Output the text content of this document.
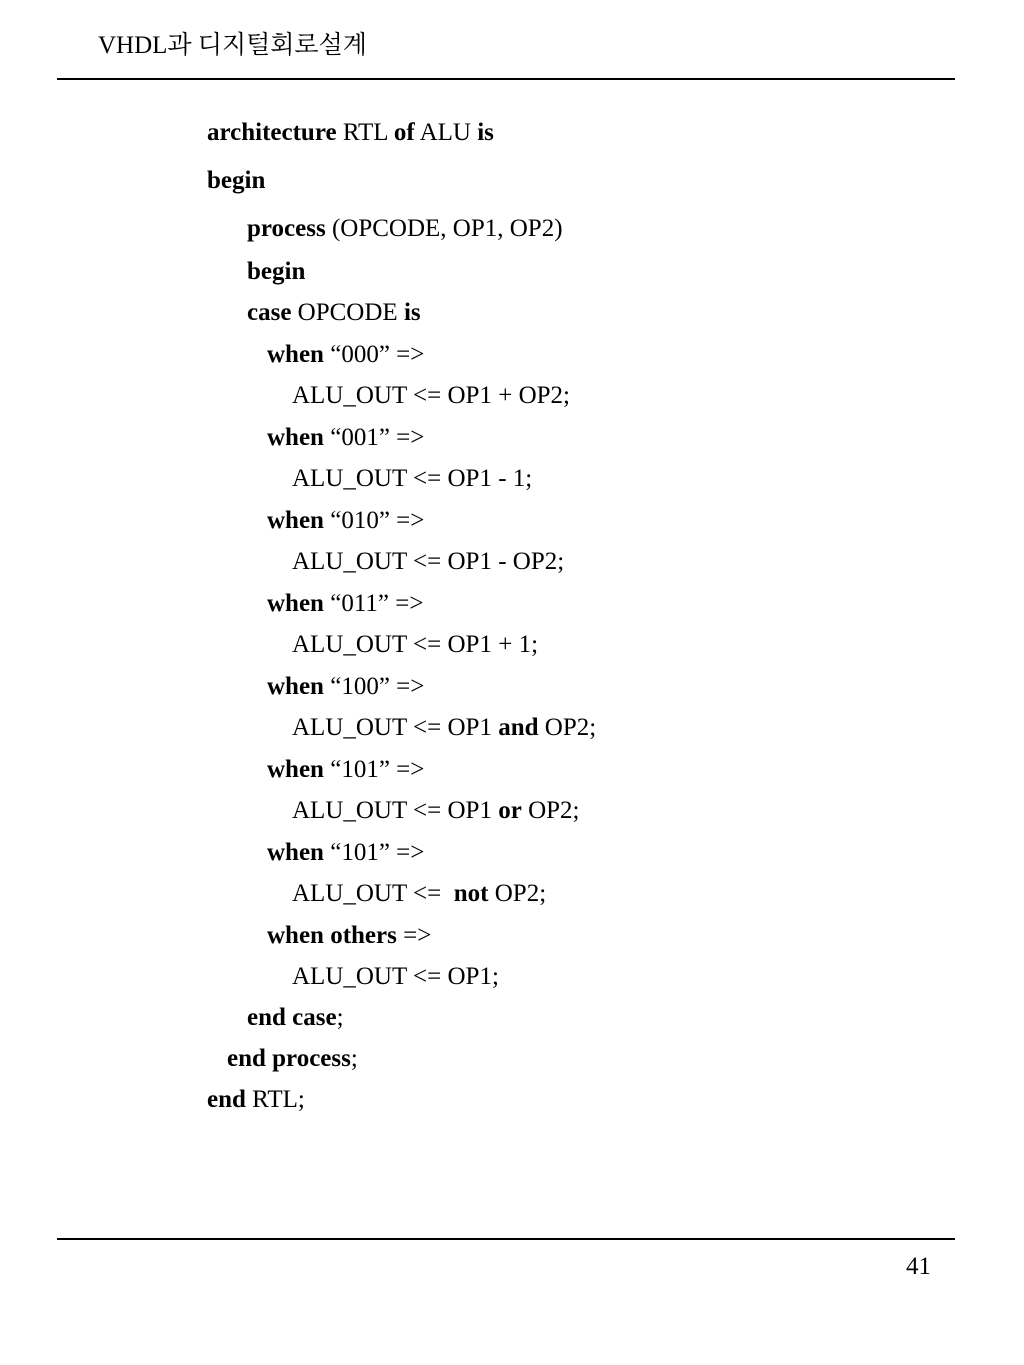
VHDL과 디지털회로설계
architecture RTL of ALU is
begin
process (OPCODE, OP1, OP2)
begin
case OPCODE is
when “000” =>
ALU_OUT <= OP1 + OP2;
when “001” =>
ALU_OUT <= OP1 - 1;
when “010” =>
ALU_OUT <= OP1 - OP2;
when “011” =>
ALU_OUT <= OP1 + 1;
when “100” =>
ALU_OUT <= OP1 and OP2;
when “101” =>
ALU_OUT <= OP1 or OP2;
when “101” =>
ALU_OUT <=  not OP2;
when others =>
ALU_OUT <= OP1;
end case;
end process;
end RTL;
41
